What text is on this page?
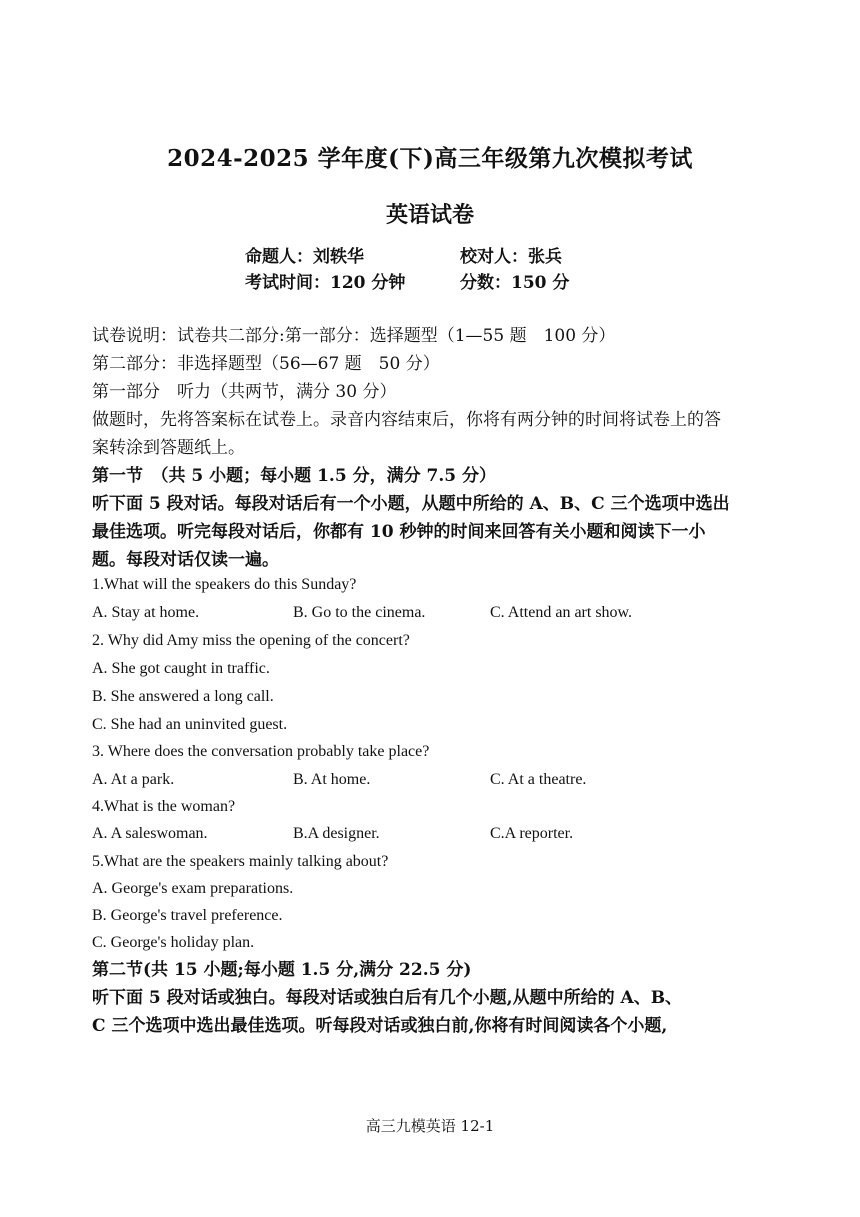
2024-2025 学年度(下)高三年级第九次模拟考试
英语试卷
命题人：刘轶华	校对人：张兵
考试时间：120 分钟	分数：150 分
试卷说明：试卷共二部分:第一部分：选择题型（1—55 题　100 分）
第二部分：非选择题型（56—67 题　50 分）
第一部分　听力（共两节，满分 30 分）
做题时，先将答案标在试卷上。录音内容结束后，你将有两分钟的时间将试卷上的答案转涂到答题纸上。
第一节　（共 5 小题；每小题 1.5 分，满分 7.5 分）
听下面 5 段对话。每段对话后有一个小题，从题中所给的 A、B、C 三个选项中选出最佳选项。听完每段对话后，你都有 10 秒钟的时间来回答有关小题和阅读下一小题。每段对话仅读一遍。
1.What will the speakers do this Sunday?
A. Stay at home.	B. Go to the cinema.	C. Attend an art show.
2. Why did Amy miss the opening of the concert?
A. She got caught in traffic.
B. She answered a long call.
C. She had an uninvited guest.
3. Where does the conversation probably take place?
A. At a park.	B. At home.	C. At a theatre.
4.What is the woman?
A. A saleswoman.	B.A designer.	C.A reporter.
5.What are the speakers mainly talking about?
A. George's exam preparations.
B. George's travel preference.
C. George's holiday plan.
第二节(共 15 小题;每小题 1.5 分,满分 22.5 分)
听下面 5 段对话或独白。每段对话或独白后有几个小题,从题中所给的 A、B、
C 三个选项中选出最佳选项。听每段对话或独白前,你将有时间阅读各个小题,
高三九模英语 12-1
